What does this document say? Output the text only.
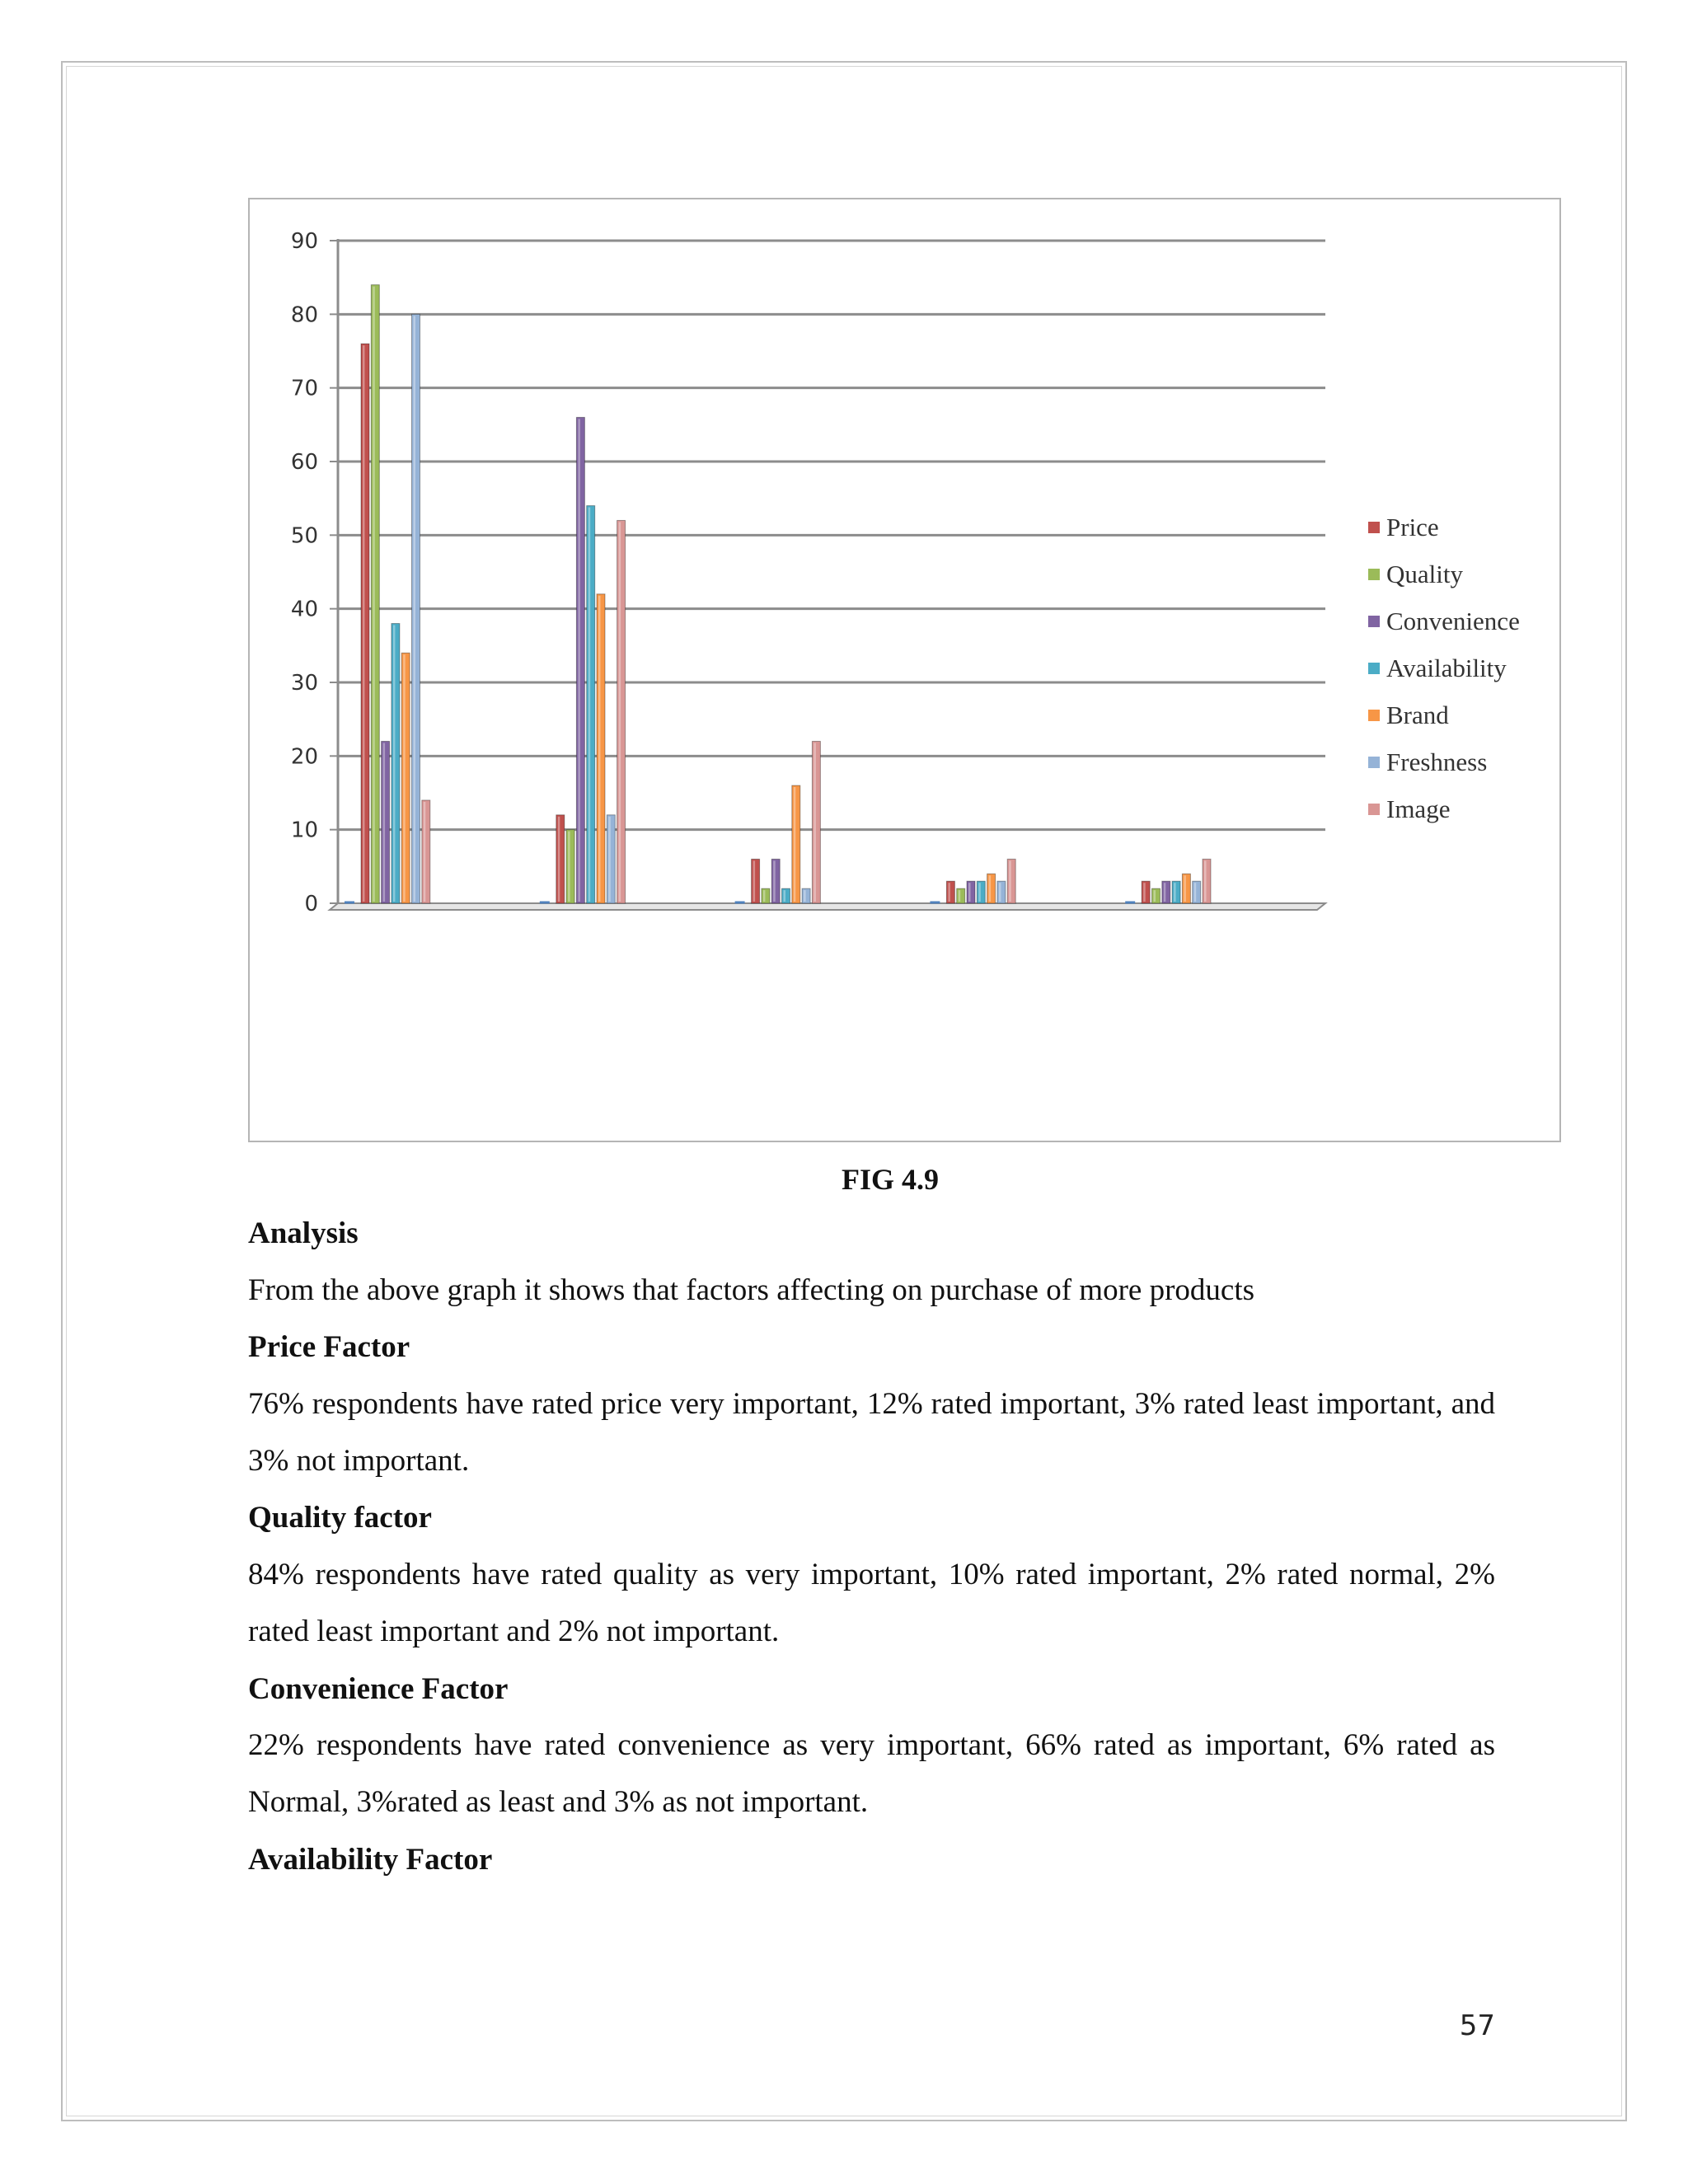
0
10
20
30
40
50
60
70
80
90
Price
Quality
Convenience
Availability
Brand
Freshness
Image
FIG 4.9
Analysis
From the above graph it shows that factors affecting on purchase of more products
Price Factor
76% respondents have rated price very important, 12% rated important, 3% rated least important, and 3% not important.
Quality factor
84% respondents have rated quality as very important, 10% rated important, 2% rated normal, 2% rated least important and 2% not important.
Convenience Factor
22% respondents have rated convenience as very important, 66% rated as important, 6% rated as Normal, 3%rated as least and 3% as not important.
Availability Factor
57
